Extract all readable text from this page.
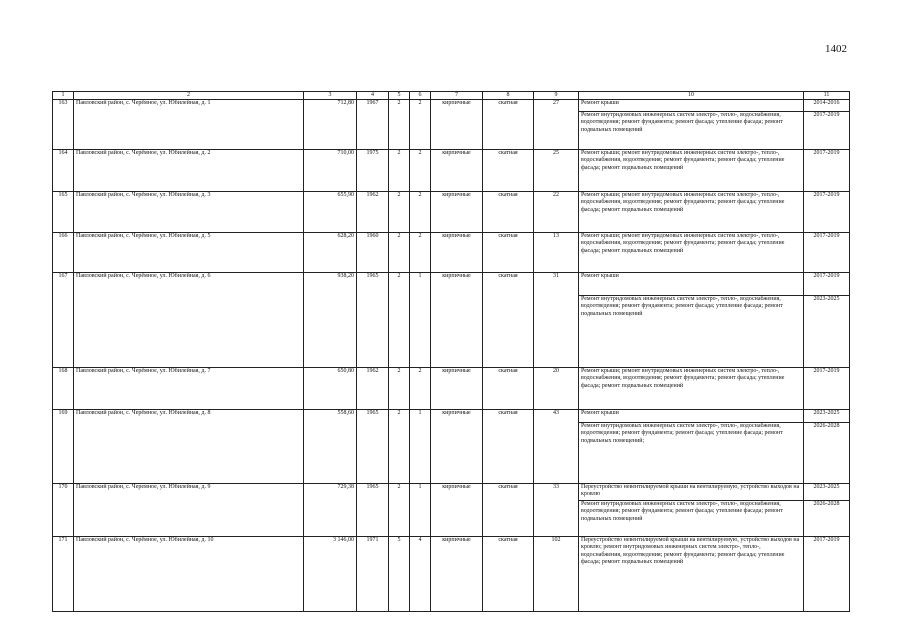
1402
1	2	3	4	5	6	7	8	9	10	11
163	Павловский район, с. Черёмное, ул. Юбилейная, д. 1	712,80	1967	2	2	кирпичные	скатная	27	Ремонт крыши	2014-2016
									Ремонт внутридомовых инженерных систем электро-, тепло-, водоснабжения, водоотведения; ремонт фундамента; ремонт фасада; утепление фасада; ремонт подвальных помещений	2017-2019
164	Павловский район, с. Черёмное, ул. Юбилейная, д. 2	710,00	1975	2	2	кирпичные	скатная	25	Ремонт крыши; ремонт внутридомовых инженерных систем электро-, тепло-, водоснабжения, водоотведения; ремонт фундамента; ремонт фасада; утепление фасада; ремонт подвальных помещений	2017-2019
165	Павловский район, с. Черёмное, ул. Юбилейная, д. 3	655,90	1962	2	2	кирпичные	скатная	22	Ремонт крыши; ремонт внутридомовых инженерных систем электро-, тепло-, водоснабжения, водоотведения; ремонт фундамента; ремонт фасада; утепление фасада; ремонт подвальных помещений	2017-2019
166	Павловский район, с. Черёмное, ул. Юбилейная, д. 5	628,20	1960	2	2	кирпичные	скатная	13	Ремонт крыши; ремонт внутридомовых инженерных систем электро-, тепло-, водоснабжения, водоотведения; ремонт фундамента; ремонт фасада; утепление фасада; ремонт подвальных помещений	2017-2019
167	Павловский район, с. Черёмное, ул. Юбилейная, д. 6	938,20	1965	2	1	кирпичные	скатная	31	Ремонт крыши	2017-2019
									Ремонт внутридомовых инженерных систем электро-, тепло-, водоснабжения, водоотведения; ремонт фундамента; ремонт фасада; утепление фасада; ремонт подвальных помещений	2023-2025
168	Павловский район, с. Черёмное, ул. Юбилейная, д. 7	650,80	1962	2	2	кирпичные	скатная	20	Ремонт крыши; ремонт внутридомовых инженерных систем электро-, тепло-, водоснабжения, водоотведения; ремонт фундамента; ремонт фасада; утепление фасада; ремонт подвальных помещений	2017-2019
169	Павловский район, с. Черёмное, ул. Юбилейная, д. 8	558,60	1965	2	1	кирпичные	скатная	43	Ремонт крыши	2023-2025
									Ремонт внутридомовых инженерных систем электро-, тепло-, водоснабжения, водоотведения; ремонт фундамента; ремонт фасада; утепление фасада; ремонт подвальных помещений;	2026-2028
170	Павловский район, с. Черемное, ул. Юбилейная, д. 9	729,38	1965	2	1	кирпичные	скатная	33	Переустройство невентилируемой крыши на вентилируемую, устройство выходов на кровлю	2023-2025
									Ремонт внутридомовых инженерных систем электро-, тепло-, водоснабжения, водоотведения; ремонт фундамента; ремонт фасада; утепление фасада; ремонт подвальных помещений	2026-2028
171	Павловский район, с. Черёмное, ул. Юбилейная, д. 10	3 146,00	1971	5	4	кирпичные	скатная	102	Переустройство невентилируемой крыши на вентилируемую, устройство выходов на кровлю; ремонт внутридомовых инженерных систем электро-, тепло-, водоснабжения, водоотведения; ремонт фундамента; ремонт фасада; утепление фасада; ремонт подвальных помещений	2017-2019
